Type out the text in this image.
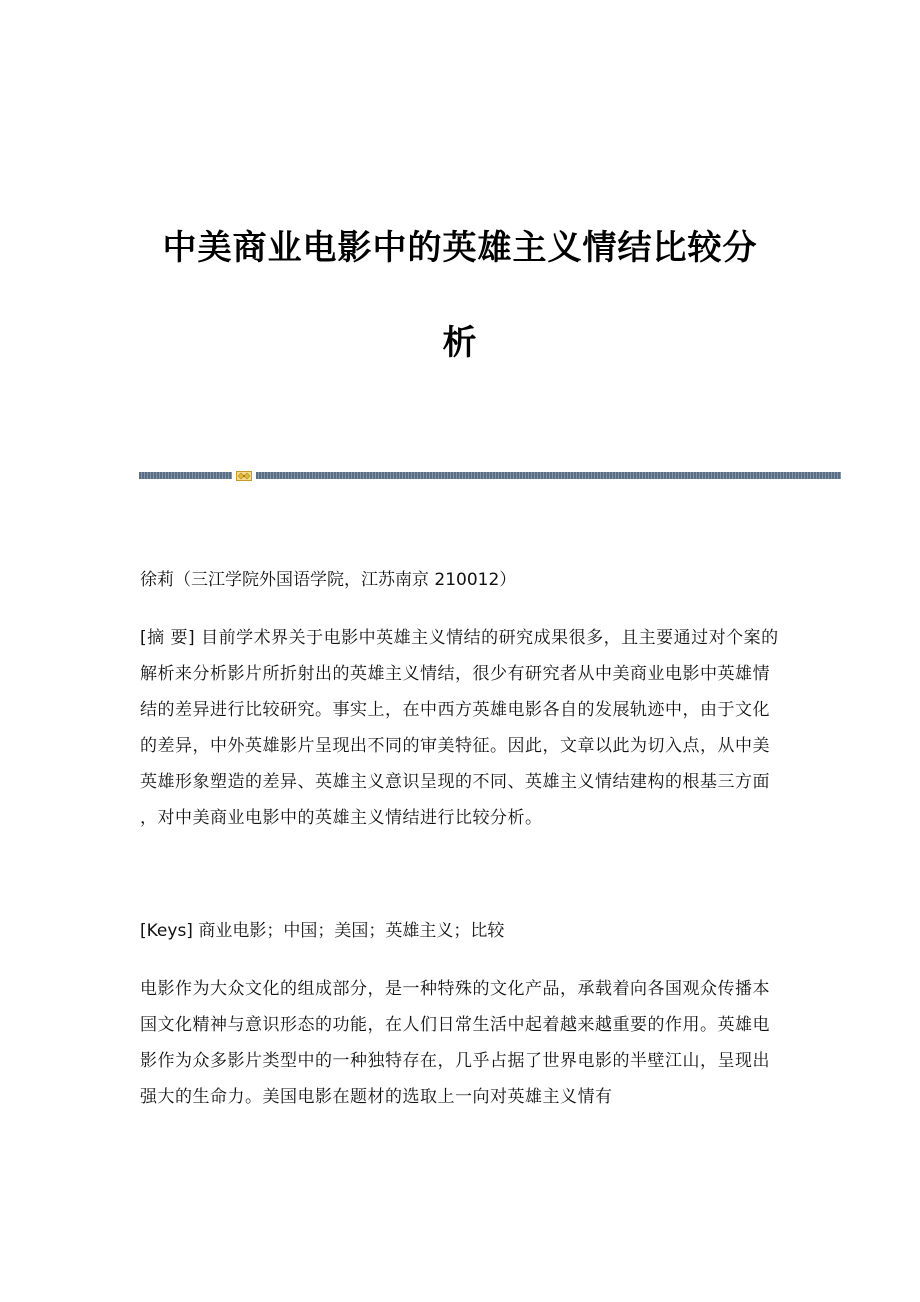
中美商业电影中的英雄主义情结比较分
析
徐莉（三江学院外国语学院，江苏南京 210012）
[摘 要] 目前学术界关于电影中英雄主义情结的研究成果很多，且主要通过对个案的解析来分析影片所折射出的英雄主义情结，很少有研究者从中美商业电影中英雄情结的差异进行比较研究。事实上，在中西方英雄电影各自的发展轨迹中，由于文化的差异，中外英雄影片呈现出不同的审美特征。因此，文章以此为切入点，从中美英雄形象塑造的差异、英雄主义意识呈现的不同、英雄主义情结建构的根基三方面，对中美商业电影中的英雄主义情结进行比较分析。
[Keys] 商业电影；中国；美国；英雄主义；比较
电影作为大众文化的组成部分，是一种特殊的文化产品，承载着向各国观众传播本国文化精神与意识形态的功能，在人们日常生活中起着越来越重要的作用。英雄电影作为众多影片类型中的一种独特存在，几乎占据了世界电影的半壁江山，呈现出强大的生命力。美国电影在题材的选取上一向对英雄主义情有
